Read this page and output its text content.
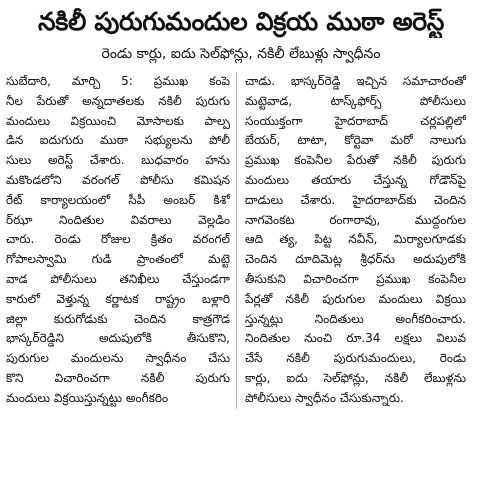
నకిలీ పురుగుమందుల విక్రయ ముఠా అరెస్ట్
రెండు కార్లు, ఐదు సెల్‌ఫోన్లు, నకిలీ లేబుళ్లు స్వాధీనం
సుబేదారి, మార్చి 5: ప్రముఖ కంపె
నీల పేరుతో అన్నదాతలకు నకిలీ పురుగు
మందులు విక్రయించి మోసాలకు పాల్ప
డిన ఐదుగురు ముఠా సభ్యులను పోలీ
సులు అరెస్ట్ చేశారు. బుధవారం హను
మకొండలోని వరంగల్ పోలీసు కమిషన
రేట్ కార్యాలయంలో సీపీ అంబర్ కిశో
ర్‌ఝా నిందితుల వివరాలు వెల్లడిం
చారు. రెండు రోజుల క్రితం వరంగల్
గోపాలస్వామి గుడి ప్రాంతంలో మట్టె
వాడ పోలీసులు తనిఖీలు చేస్తుండగా
కారులో వెళ్తున్న కర్ణాటక రాష్ట్రం బళ్లారి
జిల్లా కురుగోడుకు చెందిన కాత్రగౌడ
భాస్కర్‌రెడ్డిని అదుపులోకి తీసుకొని,
పురుగుల మందులను స్వాధీనం చేసు
కొని విచారించగా నకిలీ పురుగు
మందులు విక్రయిస్తున్నట్టు అంగీకరిం
చాడు. భాస్కర్‌రెడ్డి ఇచ్చిన సమాచారంతో
మట్టెవాడ, టాస్క్‌ఫోర్స్ పోలీసులు
సంయుక్తంగా హైదరాబాద్ చర్లపల్లిలో
బేయర్, టాటా, కోర్టెవా మరో నాలుగు
ప్రముఖ కంపెనీల పేరుతో నకిలీ పురుగు
మందులు తయారు చేస్తున్న గోడౌన్‌పై
దాడులు చేశారు. హైదరాబాద్‌కు చెందిన
నాగవెంకట రంగారావు, ముద్దంగుల
ఆది త్య, పిట్ట నవీన్, మిర్యాలగూడకు
చెందిన దూదిమెట్ల శ్రీధర్‌ను అదుపులోకి
తీసుకుని విచారించగా ప్రముఖ కంపెనీల
పేర్లతో నకిలీ పురుగుల మందులు విక్రయి
స్తున్నట్లు నిందితులు అంగీకరించారు.
నిందితుల నుంచి రూ.34 లక్షలు విలువ
చేసే నకిలీ పురుగుమందులు, రెండు
కార్లు, ఐదు సెల్‌ఫోన్లు, నకిలీ లేబుళ్లను
పోలీసులు స్వాధీనం చేసుకున్నారు.
